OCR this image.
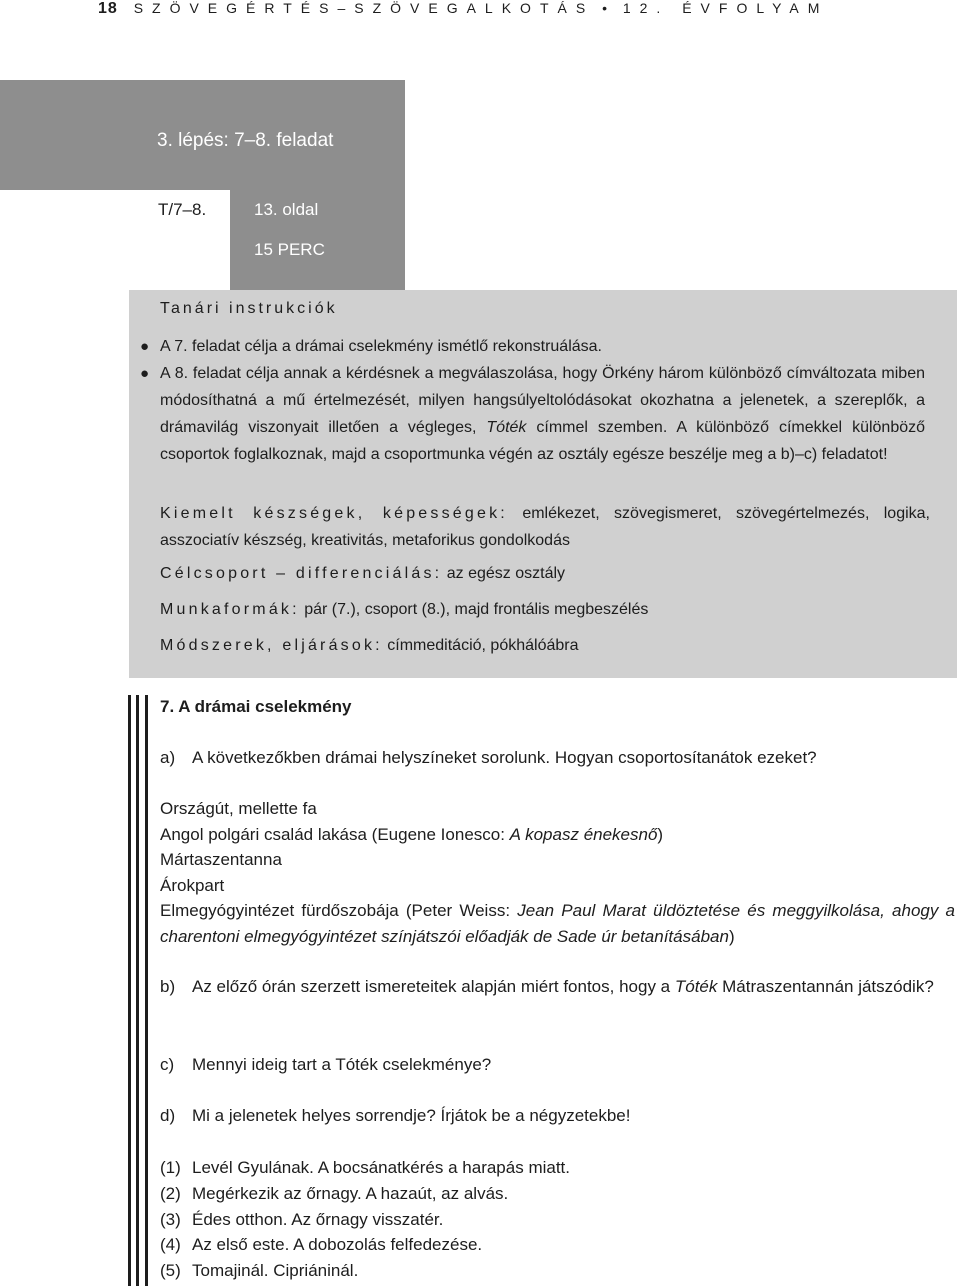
18 SZÖVEGÉRTÉS–SZÖVEGALKOTÁS • 12. ÉVFOLYAM
3. lépés: 7–8. feladat
T/7–8.	13. oldal
15 PERC
Tanári instrukciók
●
●
A 7. feladat célja a drámai cselekmény ismétlő rekonstruálása.
A 8. feladat célja annak a kérdésnek a megválaszolása, hogy Örkény három különböző címváltozata miben módosíthatná a mű értelmezését, milyen hangsúlyeltolódásokat okozhatna a jelenetek, a szereplők, a drámavilág viszonyait illetően a végleges, Tóték címmel szemben. A különböző címekkel különböző csoportok foglalkoznak, majd a csoportmunka végén az osztály egésze beszélje meg a b)–c) feladatot!
Kiemelt készségek, képességek: emlékezet, szövegismeret, szövegértelmezés, logika, asszociatív készség, kreativitás, metaforikus gondolkodás
Célcsoport – differenciálás: az egész osztály
Munkaformák: pár (7.), csoport (8.), majd frontális megbeszélés
Módszerek, eljárások: címmeditáció, pókhálóábra
7. A drámai cselekmény
a) A következőkben drámai helyszíneket sorolunk. Hogyan csoportosítanátok ezeket?
Országút, mellette fa
Angol polgári család lakása (Eugene Ionesco: A kopasz énekesnő)
Mártaszentanna
Árokpart
Elmegyógyintézet fürdőszobája (Peter Weiss: Jean Paul Marat üldöztetése és meggyilkolása, ahogy a charentoni elmegyógyintézet színjátszói előadják de Sade úr betanításában)
b) Az előző órán szerzett ismereteitek alapján miért fontos, hogy a Tóték Mátraszentannán játszódik?
c) Mennyi ideig tart a Tóték cselekménye?
d) Mi a jelenetek helyes sorrendje? Írjátok be a négyzetekbe!
(1) Levél Gyulának. A bocsánatkérés a harapás miatt.
(2) Megérkezik az őrnagy. A hazaút, az alvás.
(3) Édes otthon. Az őrnagy visszatér.
(4) Az első este. A dobozolás felfedezése.
(5) Tomajinál. Cipriáninál.
